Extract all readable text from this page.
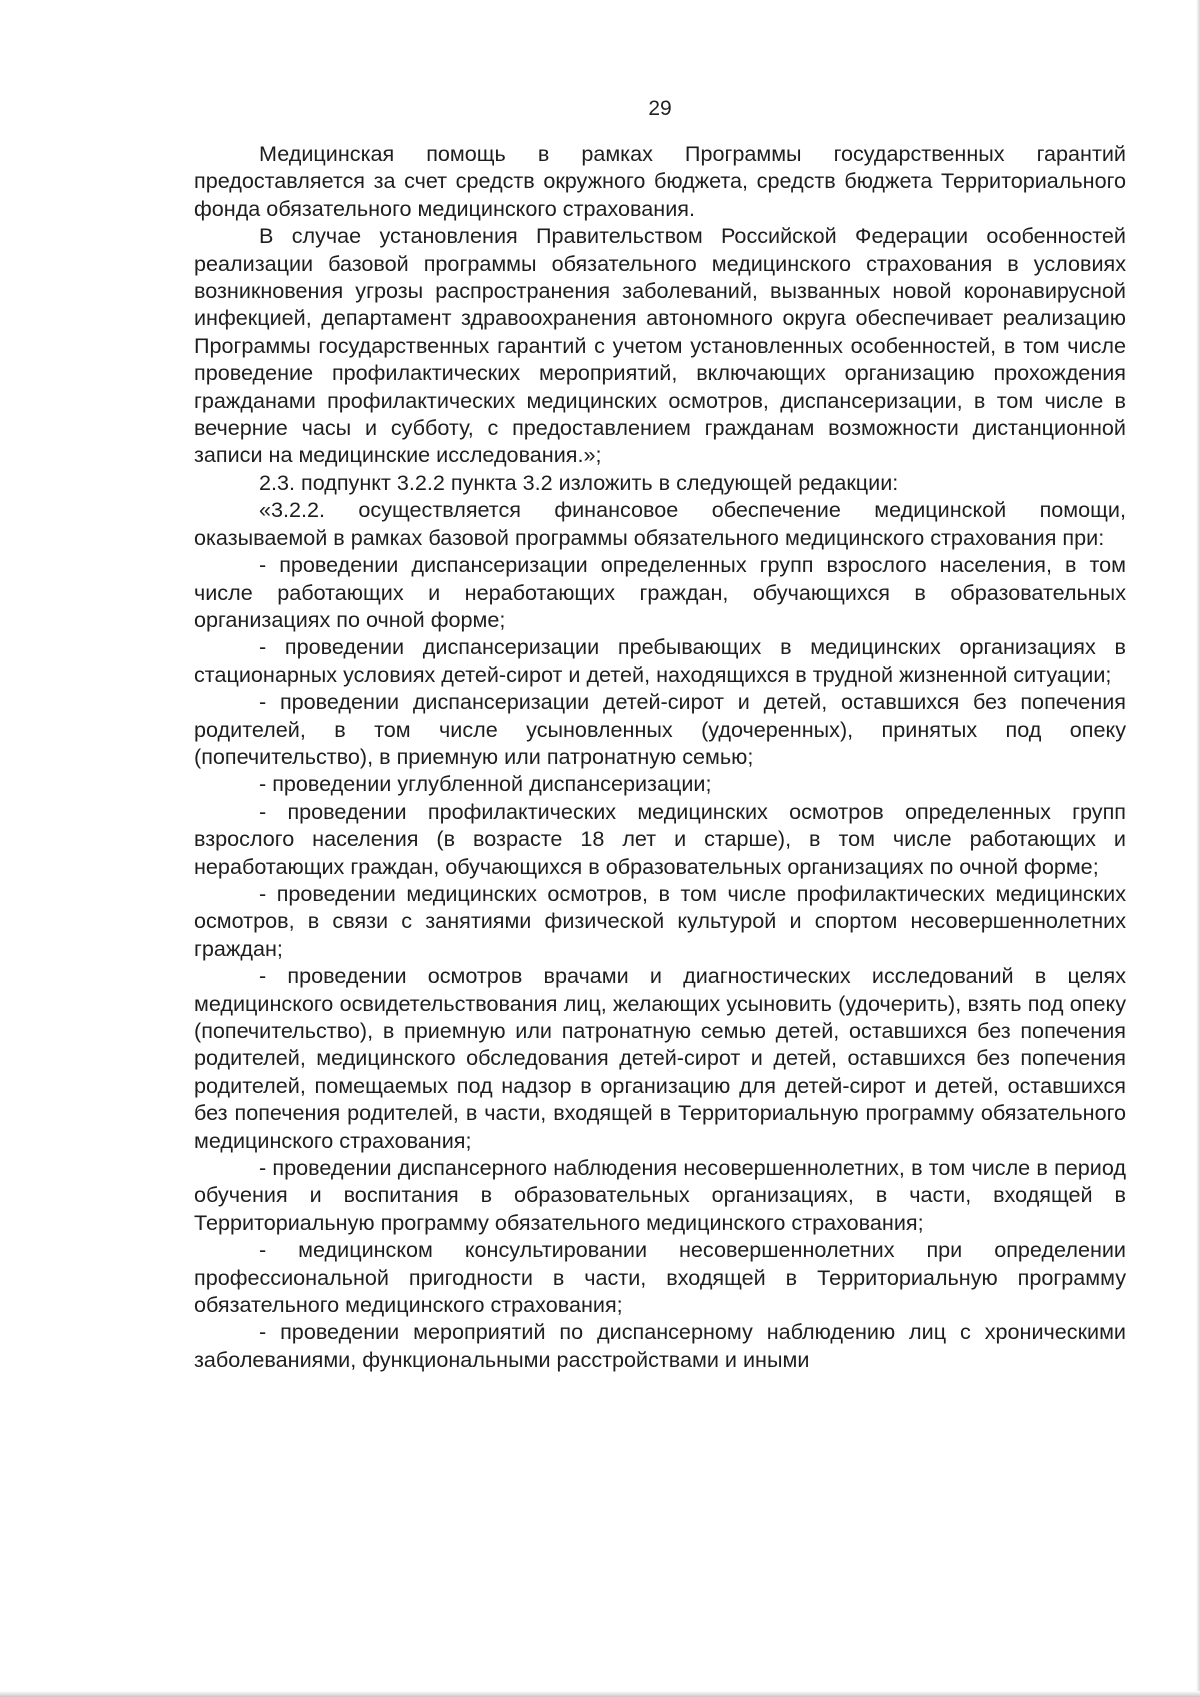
29

Медицинская помощь в рамках Программы государственных гарантий предоставляется за счет средств окружного бюджета, средств бюджета Территориального фонда обязательного медицинского страхования.

В случае установления Правительством Российской Федерации особенностей реализации базовой программы обязательного медицинского страхования в условиях возникновения угрозы распространения заболеваний, вызванных новой коронавирусной инфекцией, департамент здравоохранения автономного округа обеспечивает реализацию Программы государственных гарантий с учетом установленных особенностей, в том числе проведение профилактических мероприятий, включающих организацию прохождения гражданами профилактических медицинских осмотров, диспансеризации, в том числе в вечерние часы и субботу, с предоставлением гражданам возможности дистанционной записи на медицинские исследования.»;

2.3. подпункт 3.2.2 пункта 3.2 изложить в следующей редакции:

«3.2.2. осуществляется финансовое обеспечение медицинской помощи, оказываемой в рамках базовой программы обязательного медицинского страхования при:

- проведении диспансеризации определенных групп взрослого населения, в том числе работающих и неработающих граждан, обучающихся в образовательных организациях по очной форме;

- проведении диспансеризации пребывающих в медицинских организациях в стационарных условиях детей-сирот и детей, находящихся в трудной жизненной ситуации;

- проведении диспансеризации детей-сирот и детей, оставшихся без попечения родителей, в том числе усыновленных (удочеренных), принятых под опеку (попечительство), в приемную или патронатную семью;

- проведении углубленной диспансеризации;

- проведении профилактических медицинских осмотров определенных групп взрослого населения (в возрасте 18 лет и старше), в том числе работающих и неработающих граждан, обучающихся в образовательных организациях по очной форме;

- проведении медицинских осмотров, в том числе профилактических медицинских осмотров, в связи с занятиями физической культурой и спортом несовершеннолетних граждан;

- проведении осмотров врачами и диагностических исследований в целях медицинского освидетельствования лиц, желающих усыновить (удочерить), взять под опеку (попечительство), в приемную или патронатную семью детей, оставшихся без попечения родителей, медицинского обследования детей-сирот и детей, оставшихся без попечения родителей, помещаемых под надзор в организацию для детей-сирот и детей, оставшихся без попечения родителей, в части, входящей в Территориальную программу обязательного медицинского страхования;

- проведении диспансерного наблюдения несовершеннолетних, в том числе в период обучения и воспитания в образовательных организациях, в части, входящей в Территориальную программу обязательного медицинского страхования;

- медицинском консультировании несовершеннолетних при определении профессиональной пригодности в части, входящей в Территориальную программу обязательного медицинского страхования;

- проведении мероприятий по диспансерному наблюдению лиц с хроническими заболеваниями, функциональными расстройствами и иными
